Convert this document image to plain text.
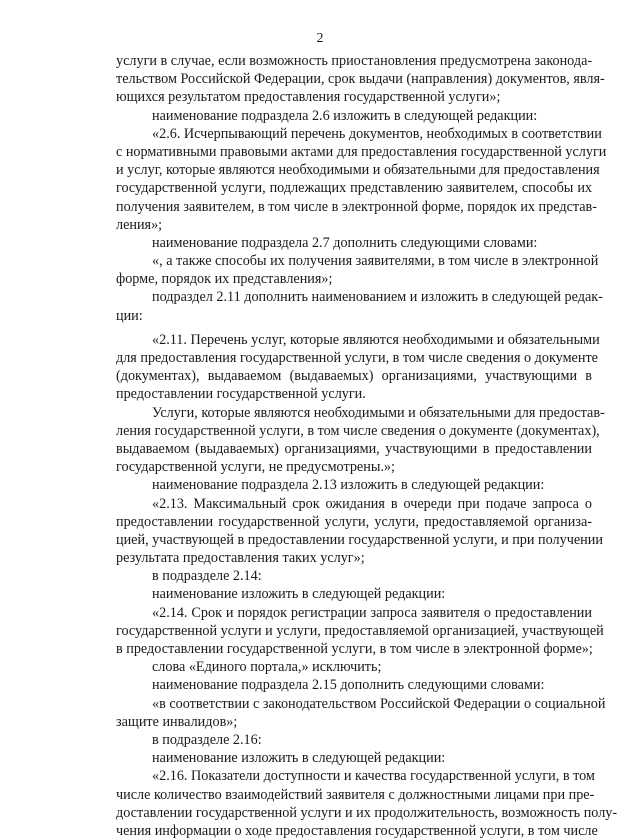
2
услуги в случае, если возможность приостановления предусмотрена законода-
тельством Российской Федерации, срок выдачи (направления) документов, явля-
ющихся результатом предоставления государственной услуги»;
наименование подраздела 2.6 изложить в следующей редакции:
«2.6. Исчерпывающий перечень документов, необходимых в соответствии
с нормативными правовыми актами для предоставления государственной услуги
и услуг, которые являются необходимыми и обязательными для предоставления
государственной услуги, подлежащих представлению заявителем, способы их
получения заявителем, в том числе в электронной форме, порядок их представ-
ления»;
наименование подраздела 2.7 дополнить следующими словами:
«, а также способы их получения заявителями, в том числе в электронной
форме, порядок их представления»;
подраздел 2.11 дополнить наименованием и изложить в следующей редак-
ции:
«2.11. Перечень услуг, которые являются необходимыми и обязательными
для предоставления государственной услуги, в том числе сведения о документе
(документах), выдаваемом (выдаваемых) организациями, участвующими в
предоставлении государственной услуги.
Услуги, которые являются необходимыми и обязательными для предостав-
ления государственной услуги, в том числе сведения о документе (документах),
выдаваемом (выдаваемых) организациями, участвующими в предоставлении
государственной услуги, не предусмотрены.»;
наименование подраздела 2.13 изложить в следующей редакции:
«2.13. Максимальный срок ожидания в очереди при подаче запроса о
предоставлении государственной услуги, услуги, предоставляемой организа-
цией, участвующей в предоставлении государственной услуги, и при получении
результата предоставления таких услуг»;
в подразделе 2.14:
наименование изложить в следующей редакции:
«2.14. Срок и порядок регистрации запроса заявителя о предоставлении
государственной услуги и услуги, предоставляемой организацией, участвующей
в предоставлении государственной услуги, в том числе в электронной форме»;
слова «Единого портала,» исключить;
наименование подраздела 2.15 дополнить следующими словами:
«в соответствии с законодательством Российской Федерации о социальной
защите инвалидов»;
в подразделе 2.16:
наименование изложить в следующей редакции:
«2.16. Показатели доступности и качества государственной услуги, в том
числе количество взаимодействий заявителя с должностными лицами при пре-
доставлении государственной услуги и их продолжительность, возможность полу-
чения информации о ходе предоставления государственной услуги, в том числе
